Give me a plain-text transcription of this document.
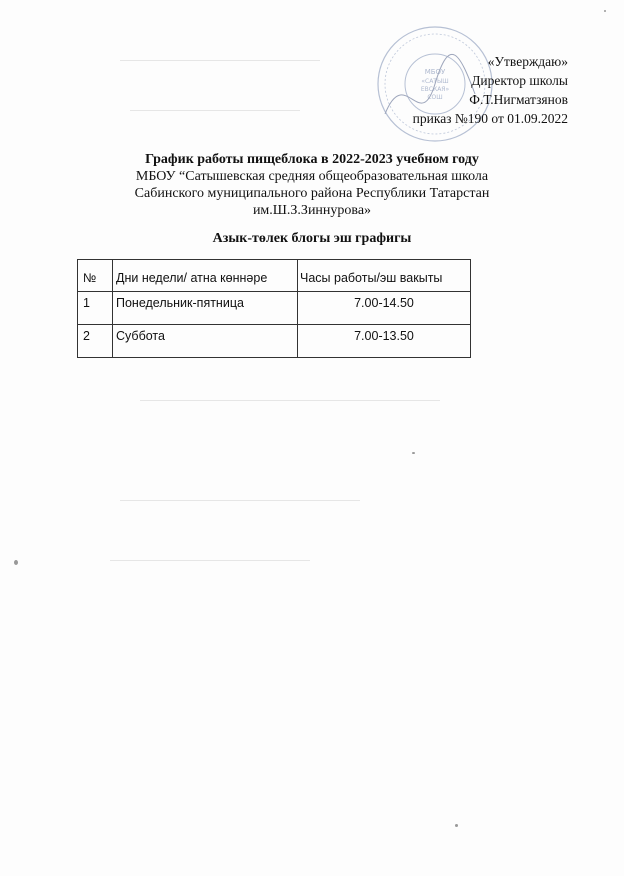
МБОУ
«САТЫШ
ЕВСКАЯ»
СОШ
«Утверждаю»
Директор школы
Ф.Т.Нигматзянов
приказ №190 от 01.09.2022
График работы пищеблока в 2022-2023 учебном году
МБОУ “Сатышевская средняя общеобразовательная школа
Сабинского муниципального района Республики Татарстан
им.Ш.З.Зиннурова»
Азык-төлек блогы эш графигы
№	Дни недели/ атна көннәре	Часы работы/эш вакыты
1	Понедельник-пятница	7.00-14.50
2	Суббота	7.00-13.50
